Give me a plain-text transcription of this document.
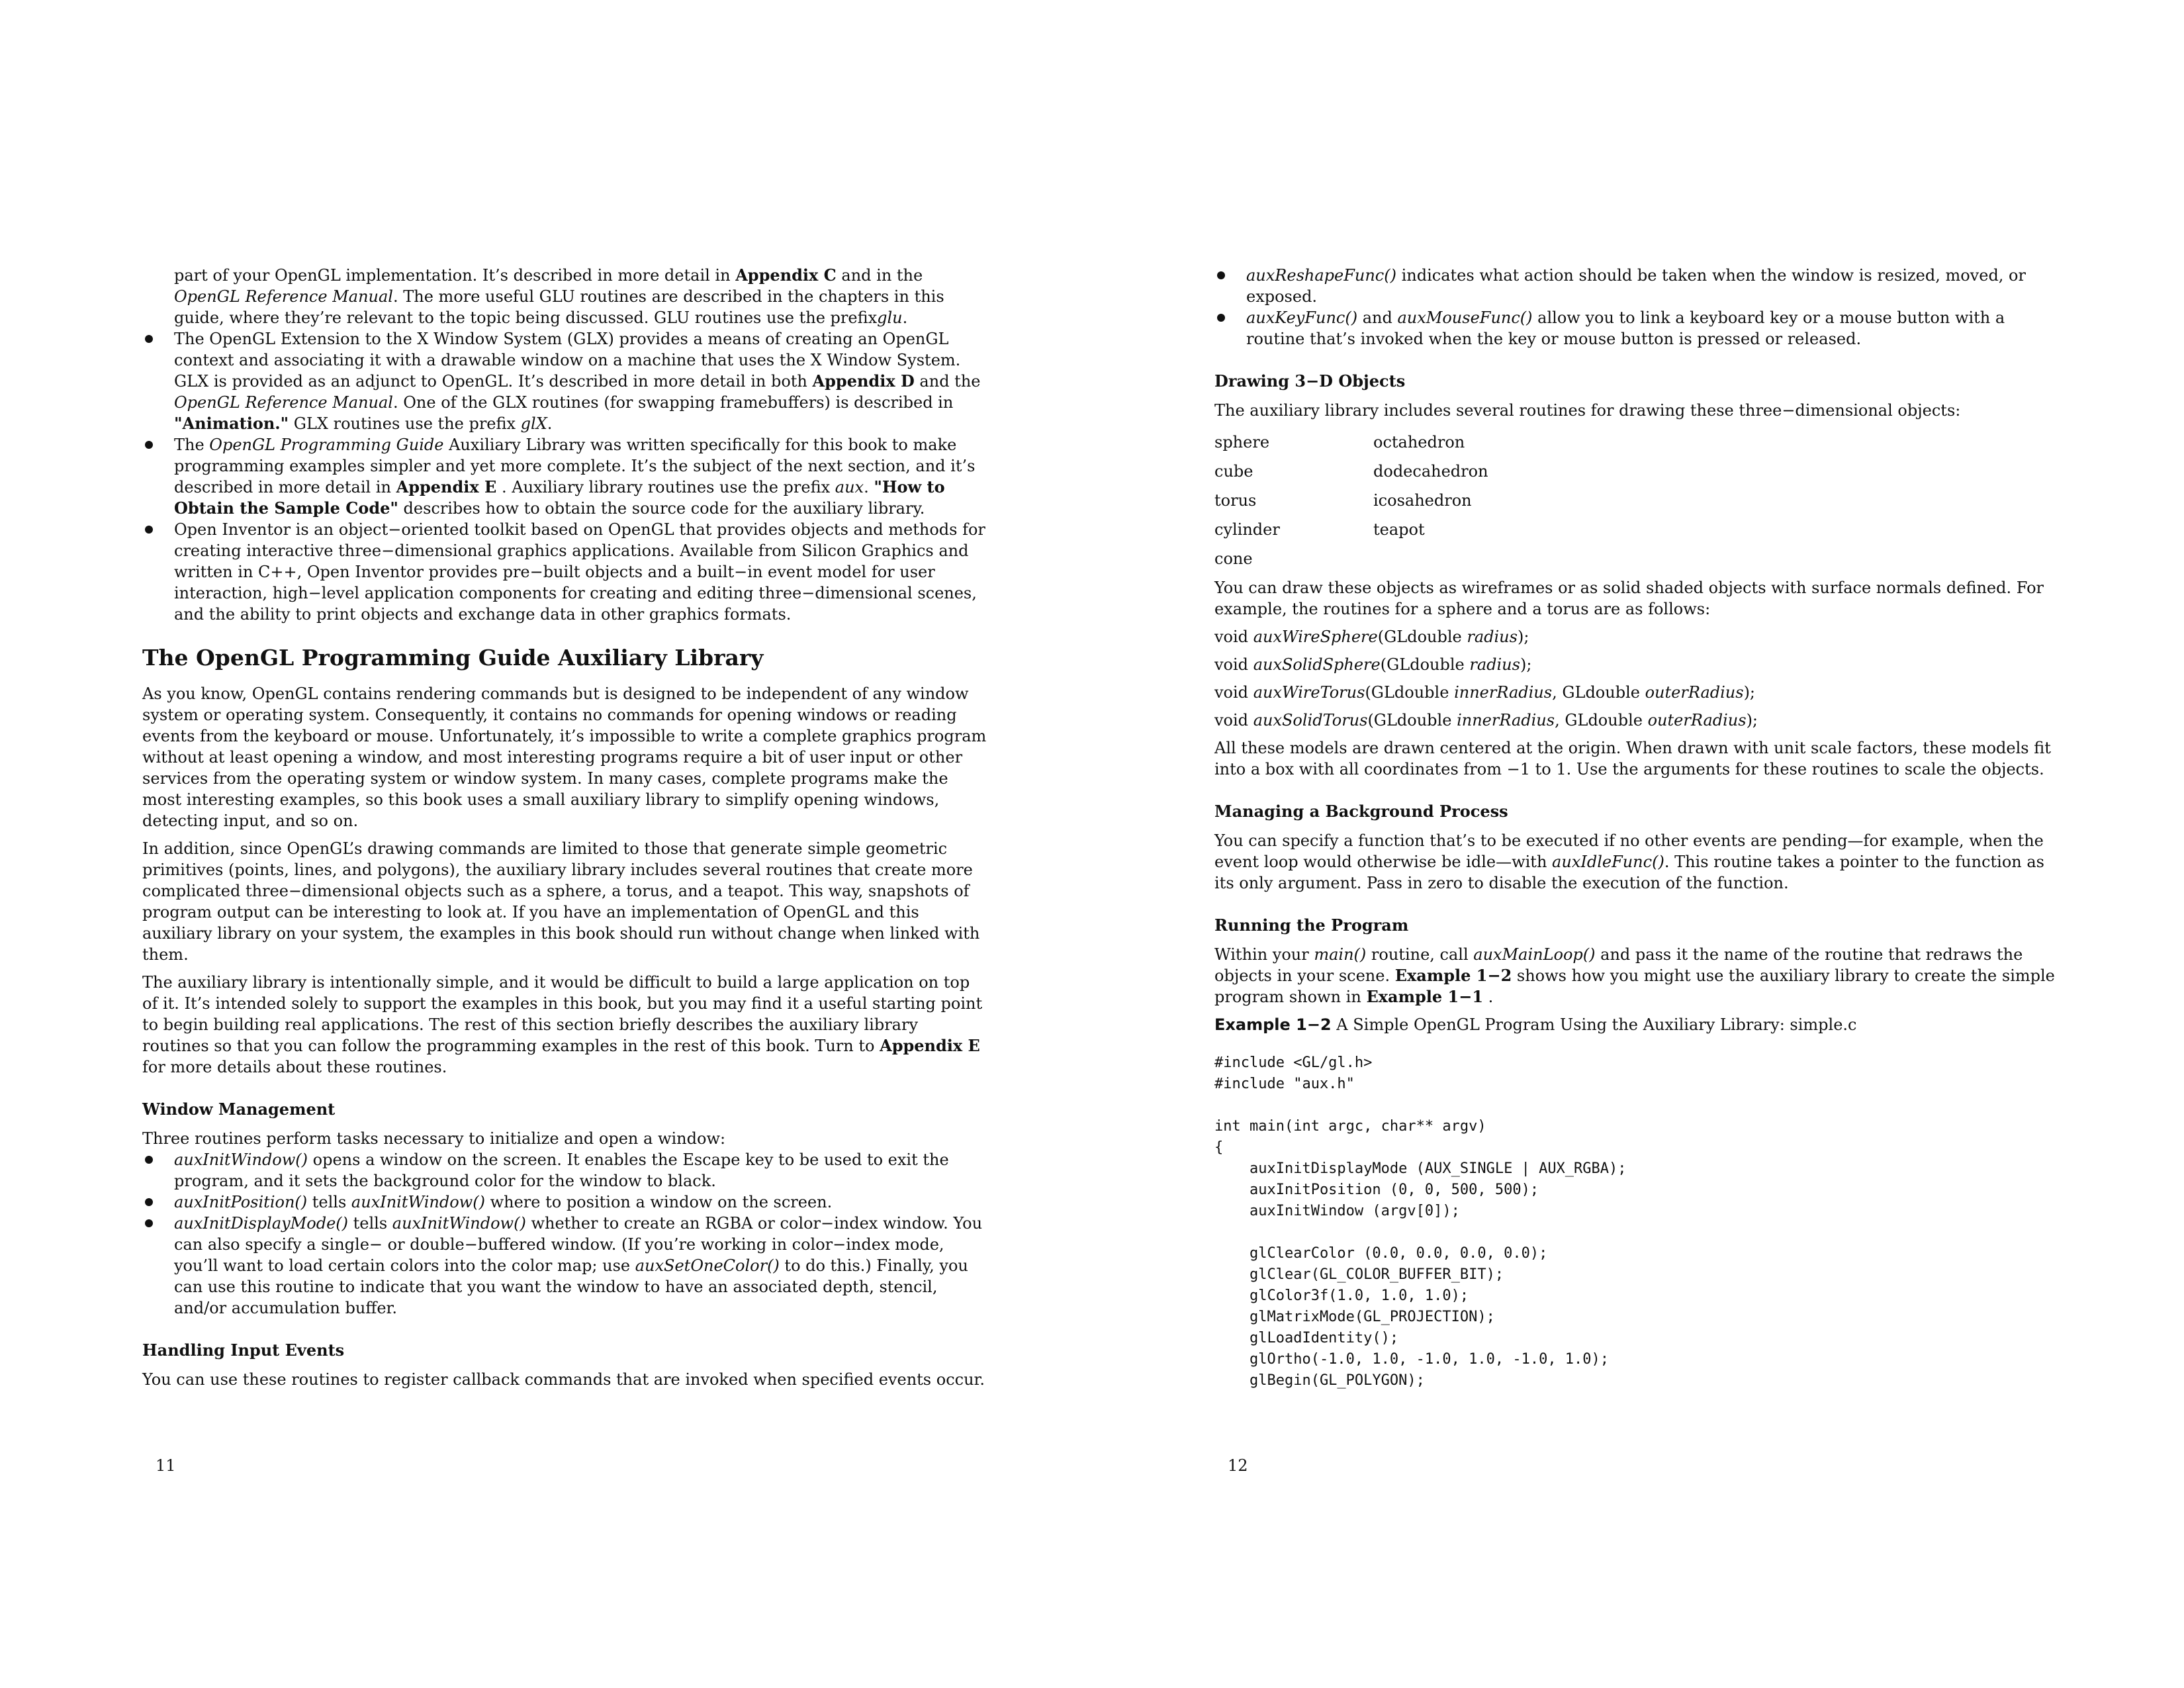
part of your OpenGL implementation. It’s described in more detail in Appendix C and in the OpenGL Reference Manual. The more useful GLU routines are described in the chapters in this guide, where they’re relevant to the topic being discussed. GLU routines use the prefixglu.

The OpenGL Extension to the X Window System (GLX) provides a means of creating an OpenGL context and associating it with a drawable window on a machine that uses the X Window System. GLX is provided as an adjunct to OpenGL. It’s described in more detail in both Appendix D and the OpenGL Reference Manual. One of the GLX routines (for swapping framebuffers) is described in "Animation." GLX routines use the prefix glX.
The OpenGL Programming Guide Auxiliary Library was written specifically for this book to make programming examples simpler and yet more complete. It’s the subject of the next section, and it’s described in more detail in Appendix E . Auxiliary library routines use the prefix aux. "How to Obtain the Sample Code" describes how to obtain the source code for the auxiliary library.
Open Inventor is an object−oriented toolkit based on OpenGL that provides objects and methods for creating interactive three−dimensional graphics applications. Available from Silicon Graphics and written in C++, Open Inventor provides pre−built objects and a built−in event model for user interaction, high−level application components for creating and editing three−dimensional scenes, and the ability to print objects and exchange data in other graphics formats.
The OpenGL Programming Guide Auxiliary Library

As you know, OpenGL contains rendering commands but is designed to be independent of any window system or operating system. Consequently, it contains no commands for opening windows or reading events from the keyboard or mouse. Unfortunately, it’s impossible to write a complete graphics program without at least opening a window, and most interesting programs require a bit of user input or other services from the operating system or window system. In many cases, complete programs make the most interesting examples, so this book uses a small auxiliary library to simplify opening windows, detecting input, and so on.

In addition, since OpenGL’s drawing commands are limited to those that generate simple geometric primitives (points, lines, and polygons), the auxiliary library includes several routines that create more complicated three−dimensional objects such as a sphere, a torus, and a teapot. This way, snapshots of program output can be interesting to look at. If you have an implementation of OpenGL and this auxiliary library on your system, the examples in this book should run without change when linked with them.

The auxiliary library is intentionally simple, and it would be difficult to build a large application on top of it. It’s intended solely to support the examples in this book, but you may find it a useful starting point to begin building real applications. The rest of this section briefly describes the auxiliary library routines so that you can follow the programming examples in the rest of this book. Turn to Appendix E for more details about these routines.

Window Management
Three routines perform tasks necessary to initialize and open a window:
auxInitWindow() opens a window on the screen. It enables the Escape key to be used to exit the program, and it sets the background color for the window to black.
auxInitPosition() tells auxInitWindow() where to position a window on the screen.
auxInitDisplayMode() tells auxInitWindow() whether to create an RGBA or color−index window. You can also specify a single− or double−buffered window. (If you’re working in color−index mode, you’ll want to load certain colors into the color map; use auxSetOneColor() to do this.) Finally, you can use this routine to indicate that you want the window to have an associated depth, stencil, and/or accumulation buffer.
Handling Input Events

You can use these routines to register callback commands that are invoked when specified events occur.

11
auxReshapeFunc() indicates what action should be taken when the window is resized, moved, or exposed.
auxKeyFunc() and auxMouseFunc() allow you to link a keyboard key or a mouse button with a routine that’s invoked when the key or mouse button is pressed or released.
Drawing 3−D Objects

The auxiliary library includes several routines for drawing these three−dimensional objects:

sphere	octahedron
cube	dodecahedron
torus	icosahedron
cylinder	teapot
cone

You can draw these objects as wireframes or as solid shaded objects with surface normals defined. For example, the routines for a sphere and a torus are as follows:

void auxWireSphere(GLdouble radius);

void auxSolidSphere(GLdouble radius);

void auxWireTorus(GLdouble innerRadius, GLdouble outerRadius);

void auxSolidTorus(GLdouble innerRadius, GLdouble outerRadius);

All these models are drawn centered at the origin. When drawn with unit scale factors, these models fit into a box with all coordinates from −1 to 1. Use the arguments for these routines to scale the objects.

Managing a Background Process

You can specify a function that’s to be executed if no other events are pending—for example, when the event loop would otherwise be idle—with auxIdleFunc(). This routine takes a pointer to the function as its only argument. Pass in zero to disable the execution of the function.

Running the Program

Within your main() routine, call auxMainLoop() and pass it the name of the routine that redraws the objects in your scene. Example 1−2 shows how you might use the auxiliary library to create the simple program shown in Example 1−1 .

Example 1−2 A Simple OpenGL Program Using the Auxiliary Library: simple.c

#include <GL/gl.h>
#include "aux.h"

int main(int argc, char** argv)
{
auxInitDisplayMode (AUX_SINGLE | AUX_RGBA);
auxInitPosition (0, 0, 500, 500);
auxInitWindow (argv[0]);

glClearColor (0.0, 0.0, 0.0, 0.0);
glClear(GL_COLOR_BUFFER_BIT);
glColor3f(1.0, 1.0, 1.0);
glMatrixMode(GL_PROJECTION);
glLoadIdentity();
glOrtho(-1.0, 1.0, -1.0, 1.0, -1.0, 1.0);
glBegin(GL_POLYGON);
12
